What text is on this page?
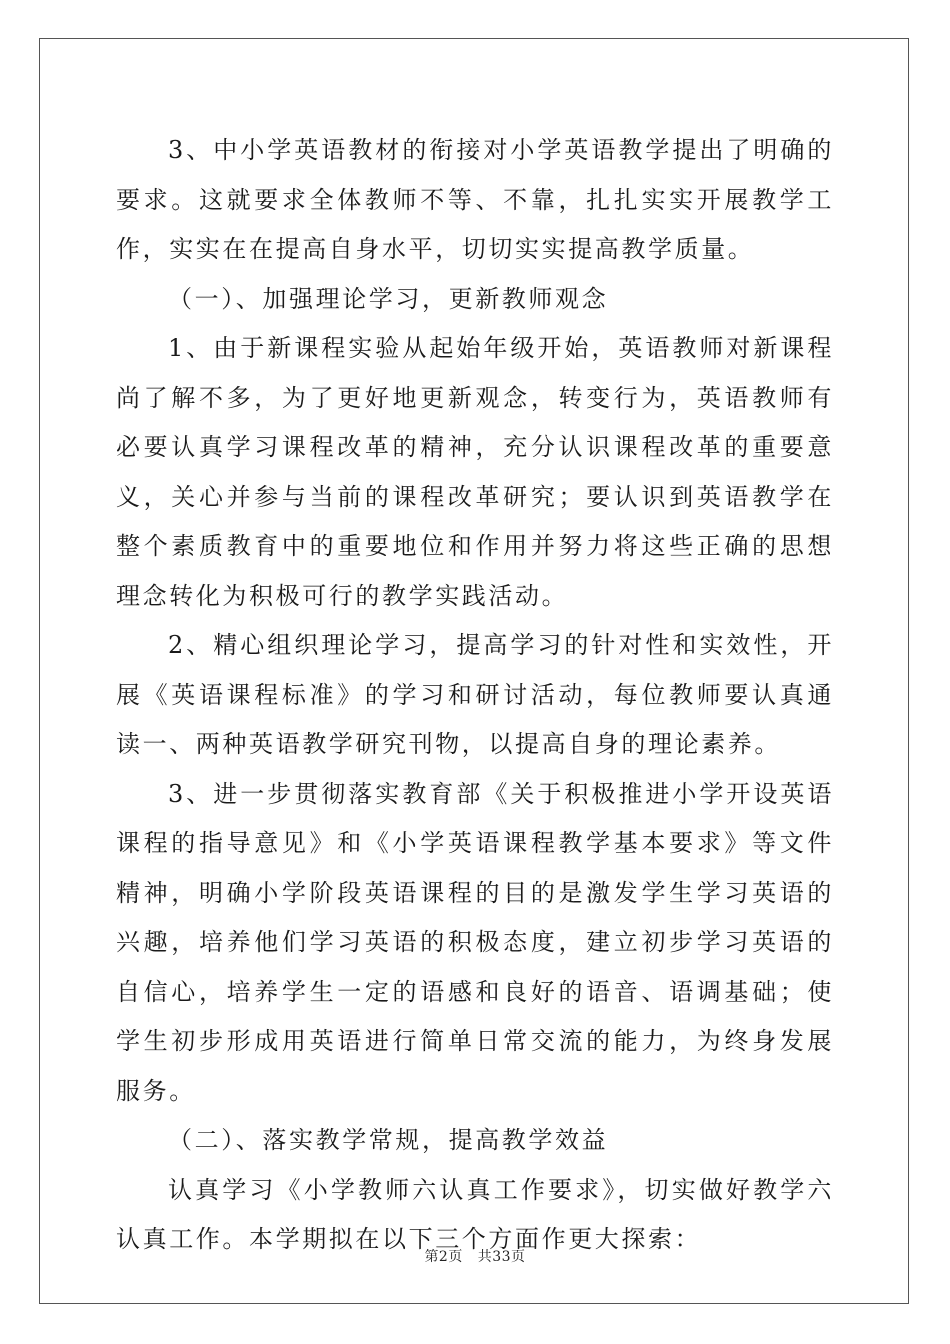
3、中小学英语教材的衔接对小学英语教学提出了明确的要求。这就要求全体教师不等、不靠，扎扎实实开展教学工作，实实在在提高自身水平，切切实实提高教学质量。

（一）、加强理论学习，更新教师观念

1、由于新课程实验从起始年级开始，英语教师对新课程尚了解不多，为了更好地更新观念，转变行为，英语教师有必要认真学习课程改革的精神，充分认识课程改革的重要意义，关心并参与当前的课程改革研究；要认识到英语教学在整个素质教育中的重要地位和作用并努力将这些正确的思想理念转化为积极可行的教学实践活动。

2、精心组织理论学习，提高学习的针对性和实效性，开展《英语课程标准》的学习和研讨活动，每位教师要认真通读一、两种英语教学研究刊物，以提高自身的理论素养。

3、进一步贯彻落实教育部《关于积极推进小学开设英语课程的指导意见》和《小学英语课程教学基本要求》等文件精神，明确小学阶段英语课程的目的是激发学生学习英语的兴趣，培养他们学习英语的积极态度，建立初步学习英语的自信心，培养学生一定的语感和良好的语音、语调基础；使学生初步形成用英语进行简单日常交流的能力，为终身发展服务。

（二）、落实教学常规，提高教学效益

认真学习《小学教师六认真工作要求》，切实做好教学六认真工作。本学期拟在以下三个方面作更大探索：

第2页 共33页
